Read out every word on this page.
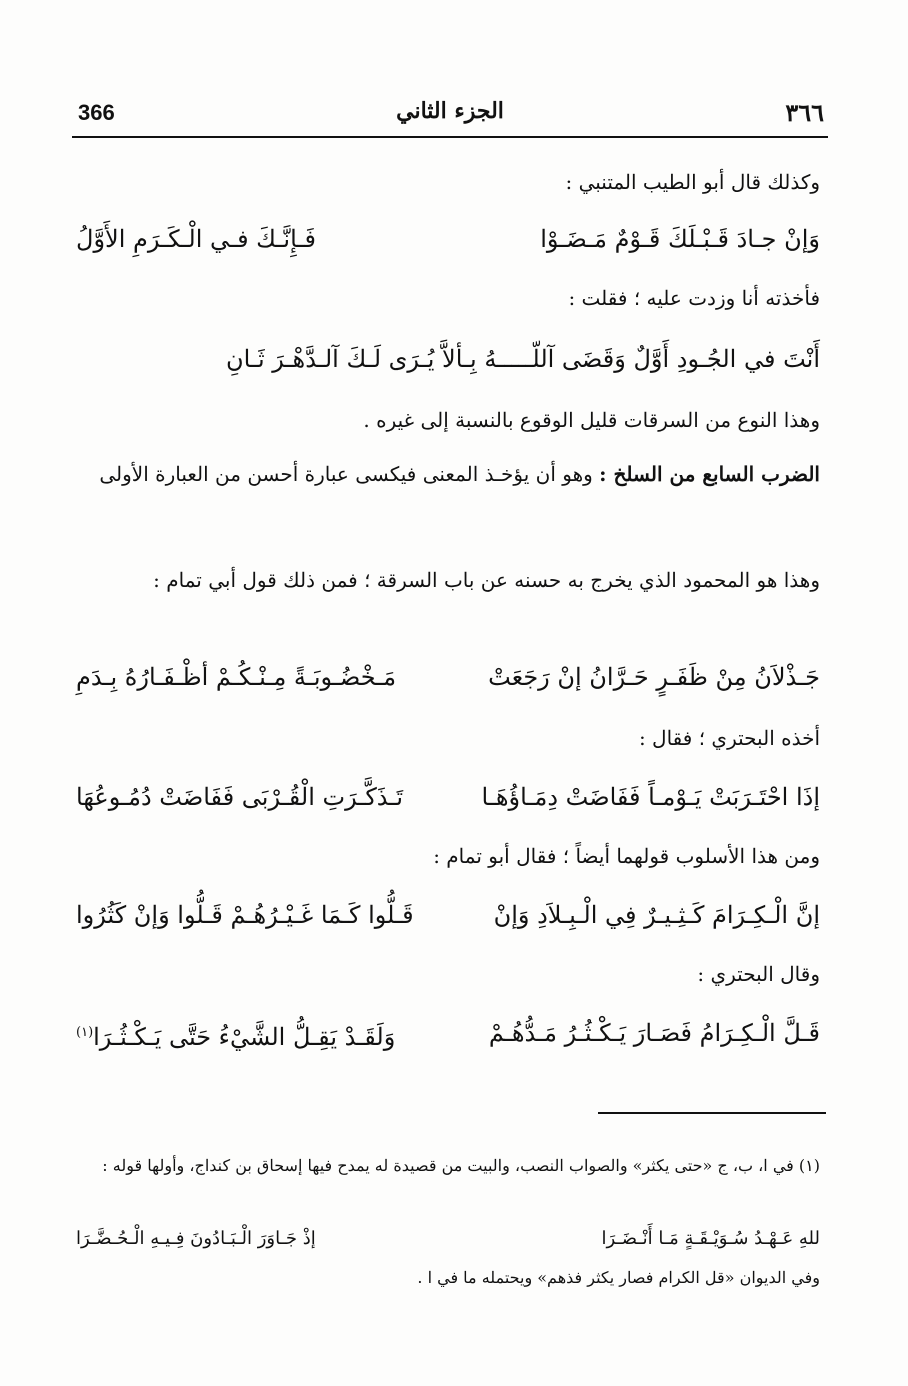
366	الجزء الثاني	٣٦٦
وكذلك قال أبو الطيب المتنبي :
وَإنْ جـادَ قَـبْـلَكَ قَـوْمٌ مَـضَـوْا
فَـإِنَّـكَ فـي الْـكَـرَمِ الأَوَّلُ
فأخذته أنا وزدت عليه ؛ فقلت :
أَنْتَ في الجُـودِ أَوَّلٌ وَقَضَى آللّـــــهُ بِـألاَّ يُـرَى لَـكَ آلـدَّهْـرَ ثَـانِ
وهذا النوع من السرقات قليل الوقوع بالنسبة إلى غيره .
الضرب السابع من السلخ : وهو أن يؤخـذ المعنى فيكسى عبارة أحسن من العبارة الأولى
وهذا هو المحمود الذي يخرج به حسنه عن باب السرقة ؛ فمن ذلك قول أبي تمام :
جَـذْلاَنُ مِنْ ظَفَـرٍ حَـرَّانُ إنْ رَجَعَتْ
مَـخْضُـوبَـةً مِـنْـكُـمْ أظْـفَـارُهُ بِـدَمِ
أخذه البحتري ؛ فقال :
إذَا احْتَـرَبَتْ يَـوْمـاً فَفَاضَتْ دِمَـاؤُهَـا
تَـذَكَّـرَتِ الْقُـرْبَى فَفَاضَتْ دُمُـوعُهَا
ومن هذا الأسلوب قولهما أيضاً ؛ فقال أبو تمام :
إنَّ الْـكِـرَامَ كَـثِـيـرٌ فِي الْـبِـلاَدِ وَإنْ
قَـلُّوا كَـمَا غَـيْـرُهُـمْ قَـلُّوا وَإنْ كَثُرُوا
وقال البحتري :
قَـلَّ الْـكِـرَامُ فَصَـارَ يَـكْـثُـرُ مَـدُّهُـمْ
وَلَقَـدْ يَقِـلُّ الشَّيْءُ حَتَّى يَـكْـثُـرَا$^{(١)}$
(١) في ا، ب، ج «حتى يكثر» والصواب النصب، والبيت من قصيدة له يمدح فيها إسحاق بن كنداج، وأولها قوله :
للهِ عَـهْـدُ سُـوَيْـقَـةٍ مَـا أَنْـضَـرَا
إذْ جَـاوَرَ الْـبَـادُونَ فِـيـهِ الْـحُـضَّـرَا
وفي الديوان «قل الكرام فصار يكثر فذهم» ويحتمله ما في ا .
